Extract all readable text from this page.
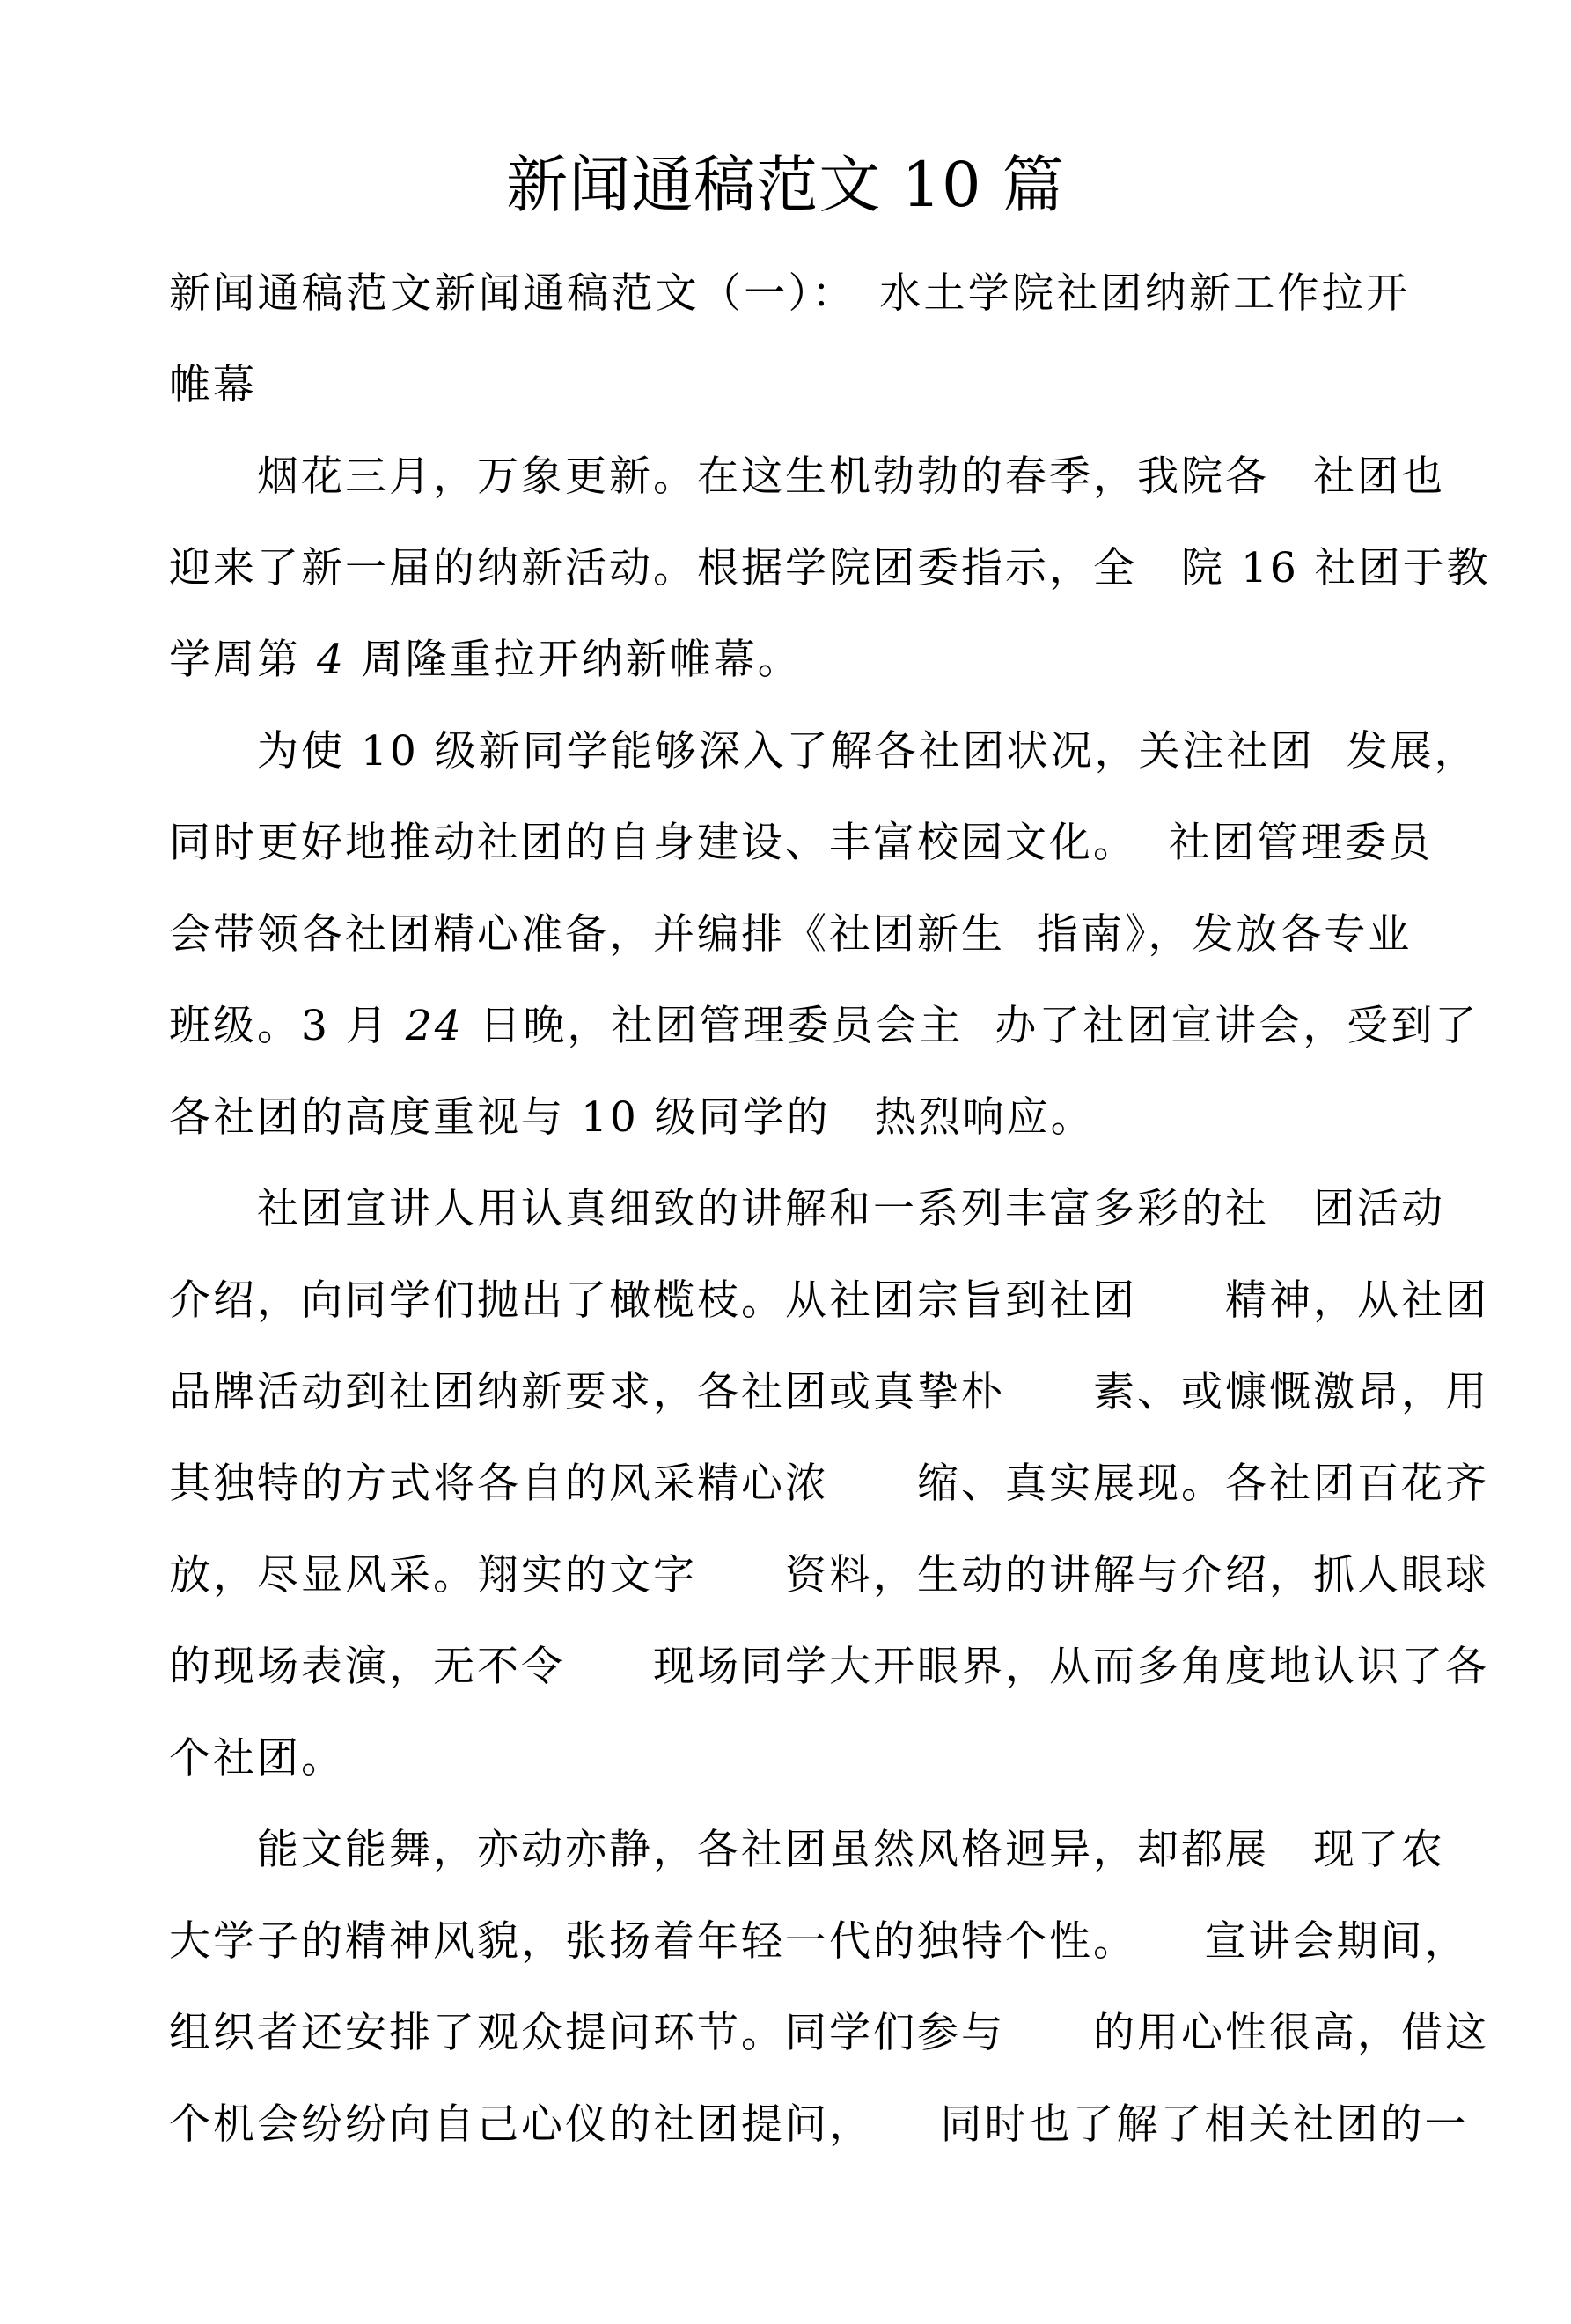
新闻通稿范文 10 篇
新闻通稿范文新闻通稿范文（一）：　水土学院社团纳新工作拉开
帷幕
烟花三月，万象更新。在这生机勃勃的春季，我院各　社团也
迎来了新一届的纳新活动。根据学院团委指示，全　院 16 社团于教
学周第 4 周隆重拉开纳新帷幕。
为使 10 级新同学能够深入了解各社团状况，关注社团  发展，
同时更好地推动社团的自身建设、丰富校园文化。  社团管理委员
会带领各社团精心准备，并编排《社团新生  指南》，发放各专业
班级。3 月 24 日晚，社团管理委员会主  办了社团宣讲会，受到了
各社团的高度重视与 10 级同学的　热烈响应。
社团宣讲人用认真细致的讲解和一系列丰富多彩的社　团活动
介绍，向同学们抛出了橄榄枝。从社团宗旨到社团　　精神，从社团
品牌活动到社团纳新要求，各社团或真挚朴　　素、或慷慨激昂，用
其独特的方式将各自的风采精心浓　　缩、真实展现。各社团百花齐
放，尽显风采。翔实的文字　　资料，生动的讲解与介绍，抓人眼球
的现场表演，无不令　　现场同学大开眼界，从而多角度地认识了各
个社团。
能文能舞，亦动亦静，各社团虽然风格迥异，却都展　现了农
大学子的精神风貌，张扬着年轻一代的独特个性。　　宣讲会期间，
组织者还安排了观众提问环节。同学们参与　　的用心性很高，借这
个机会纷纷向自己心仪的社团提问，　　同时也了解了相关社团的一
